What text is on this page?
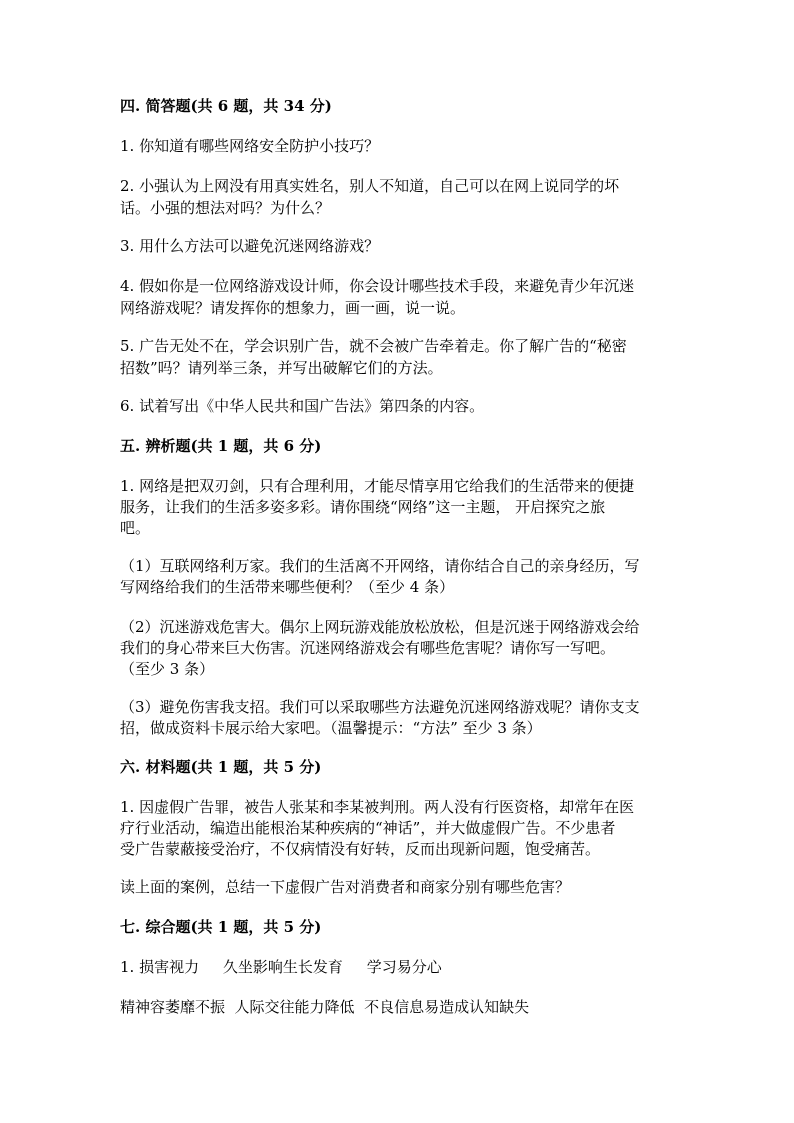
四. 简答题(共 6 题，共 34 分)
1. 你知道有哪些网络安全防护小技巧？
2. 小强认为上网没有用真实姓名，别人不知道，自己可以在网上说同学的坏
话。小强的想法对吗？为什么？
3. 用什么方法可以避免沉迷网络游戏？
4. 假如你是一位网络游戏设计师，你会设计哪些技术手段，来避免青少年沉迷
网络游戏呢？请发挥你的想象力，画一画，说一说。
5. 广告无处不在，学会识别广告，就不会被广告牵着走。你了解广告的“秘密
招数”吗？请列举三条，并写出破解它们的方法。
6. 试着写出《中华人民共和国广告法》第四条的内容。
五. 辨析题(共 1 题，共 6 分)
1. 网络是把双刃剑，只有合理利用，才能尽情享用它给我们的生活带来的便捷
服务，让我们的生活多姿多彩。请你围绕“网络”这一主题， 开启探究之旅
吧。
（1）互联网络利万家。我们的生活离不开网络，请你结合自己的亲身经历，写
写网络给我们的生活带来哪些便利？（至少 4 条）
（2）沉迷游戏危害大。偶尔上网玩游戏能放松放松，但是沉迷于网络游戏会给
我们的身心带来巨大伤害。沉迷网络游戏会有哪些危害呢？请你写一写吧。
（至少 3 条）
（3）避免伤害我支招。我们可以采取哪些方法避免沉迷网络游戏呢？请你支支
招，做成资料卡展示给大家吧。（温馨提示：“方法” 至少 3 条）
六. 材料题(共 1 题，共 5 分)
1. 因虚假广告罪，被告人张某和李某被判刑。两人没有行医资格，却常年在医
疗行业活动，编造出能根治某种疾病的“神话”，并大做虚假广告。不少患者
受广告蒙蔽接受治疗，不仅病情没有好转，反而出现新问题，饱受痛苦。
读上面的案例，总结一下虚假广告对消费者和商家分别有哪些危害？
七. 综合题(共 1 题，共 5 分)
1. 损害视力     久坐影响生长发育     学习易分心
精神容萎靡不振  人际交往能力降低  不良信息易造成认知缺失
